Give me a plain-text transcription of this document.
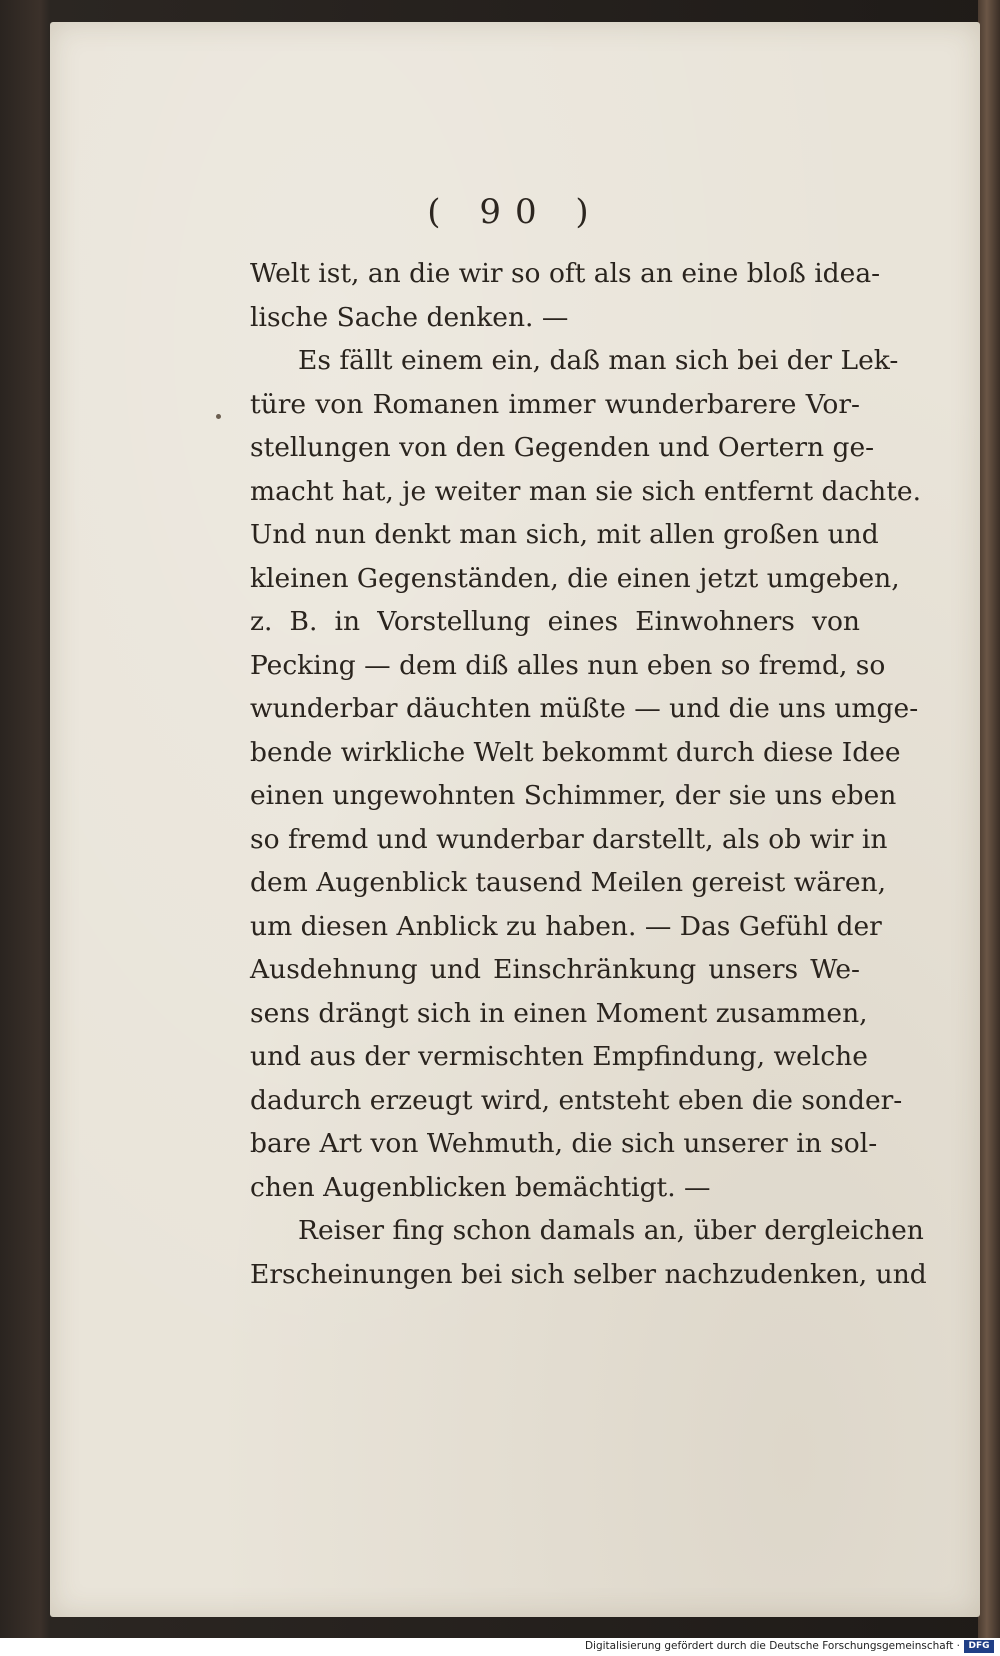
( 90 )
Welt ist, an die wir so oft als an eine bloß idea-
lische Sache denken. —
Es fällt einem ein, daß man sich bei der Lek-
türe von Romanen immer wunderbarere Vor-
stellungen von den Gegenden und Oertern ge-
macht hat, je weiter man sie sich entfernt dachte.
Und nun denkt man sich, mit allen großen und
kleinen Gegenständen, die einen jetzt umgeben,
z. B. in Vorstellung eines Einwohners von
Pecking — dem diß alles nun eben so fremd, so
wunderbar däuchten müßte — und die uns umge-
bende wirkliche Welt bekommt durch diese Idee
einen ungewohnten Schimmer, der sie uns eben
so fremd und wunderbar darstellt, als ob wir in
dem Augenblick tausend Meilen gereist wären,
um diesen Anblick zu haben. — Das Gefühl der
Ausdehnung und Einschränkung unsers We-
sens drängt sich in einen Moment zusammen,
und aus der vermischten Empfindung, welche
dadurch erzeugt wird, entsteht eben die sonder-
bare Art von Wehmuth, die sich unserer in sol-
chen Augenblicken bemächtigt. —
Reiser fing schon damals an, über dergleichen
Erscheinungen bei sich selber nachzudenken, und
Digitalisierung gefördert durch die Deutsche Forschungsgemeinschaft · DFG
